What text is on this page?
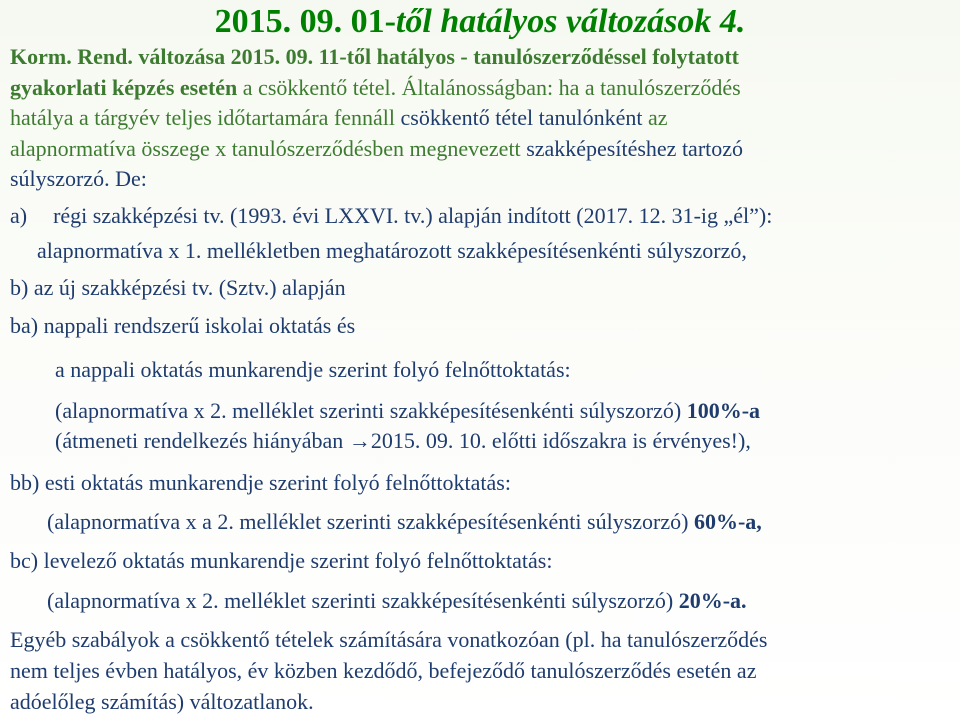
2015. 09. 01-től hatályos változások 4.
Korm. Rend. változása 2015. 09. 11-től hatályos - tanulószerződéssel folytatott
gyakorlati képzés esetén a csökkentő tétel. Általánosságban: ha a tanulószerződés
hatálya a tárgyév teljes időtartamára fennáll csökkentő tétel tanulónként az
alapnormatíva összege x tanulószerződésben megnevezett szakképesítéshez tartozó
súlyszorzó. De:
a) régi szakképzési tv. (1993. évi LXXVI. tv.) alapján indított (2017. 12. 31-ig „él”):
alapnormatíva x 1. mellékletben meghatározott szakképesítésenkénti súlyszorzó,
b) az új szakképzési tv. (Sztv.) alapján
ba) nappali rendszerű iskolai oktatás és
a nappali oktatás munkarendje szerint folyó felnőttoktatás:
(alapnormatíva x 2. melléklet szerinti szakképesítésenkénti súlyszorzó) 100%-a
(átmeneti rendelkezés hiányában →2015. 09. 10. előtti időszakra is érvényes!),
bb) esti oktatás munkarendje szerint folyó felnőttoktatás:
(alapnormatíva x a 2. melléklet szerinti szakképesítésenkénti súlyszorzó) 60%-a,
bc) levelező oktatás munkarendje szerint folyó felnőttoktatás:
(alapnormatíva x 2. melléklet szerinti szakképesítésenkénti súlyszorzó) 20%-a.
Egyéb szabályok a csökkentő tételek számítására vonatkozóan (pl. ha tanulószerződés
nem teljes évben hatályos, év közben kezdődő, befejeződő tanulószerződés esetén az
adóelőleg számítás) változatlanok.
